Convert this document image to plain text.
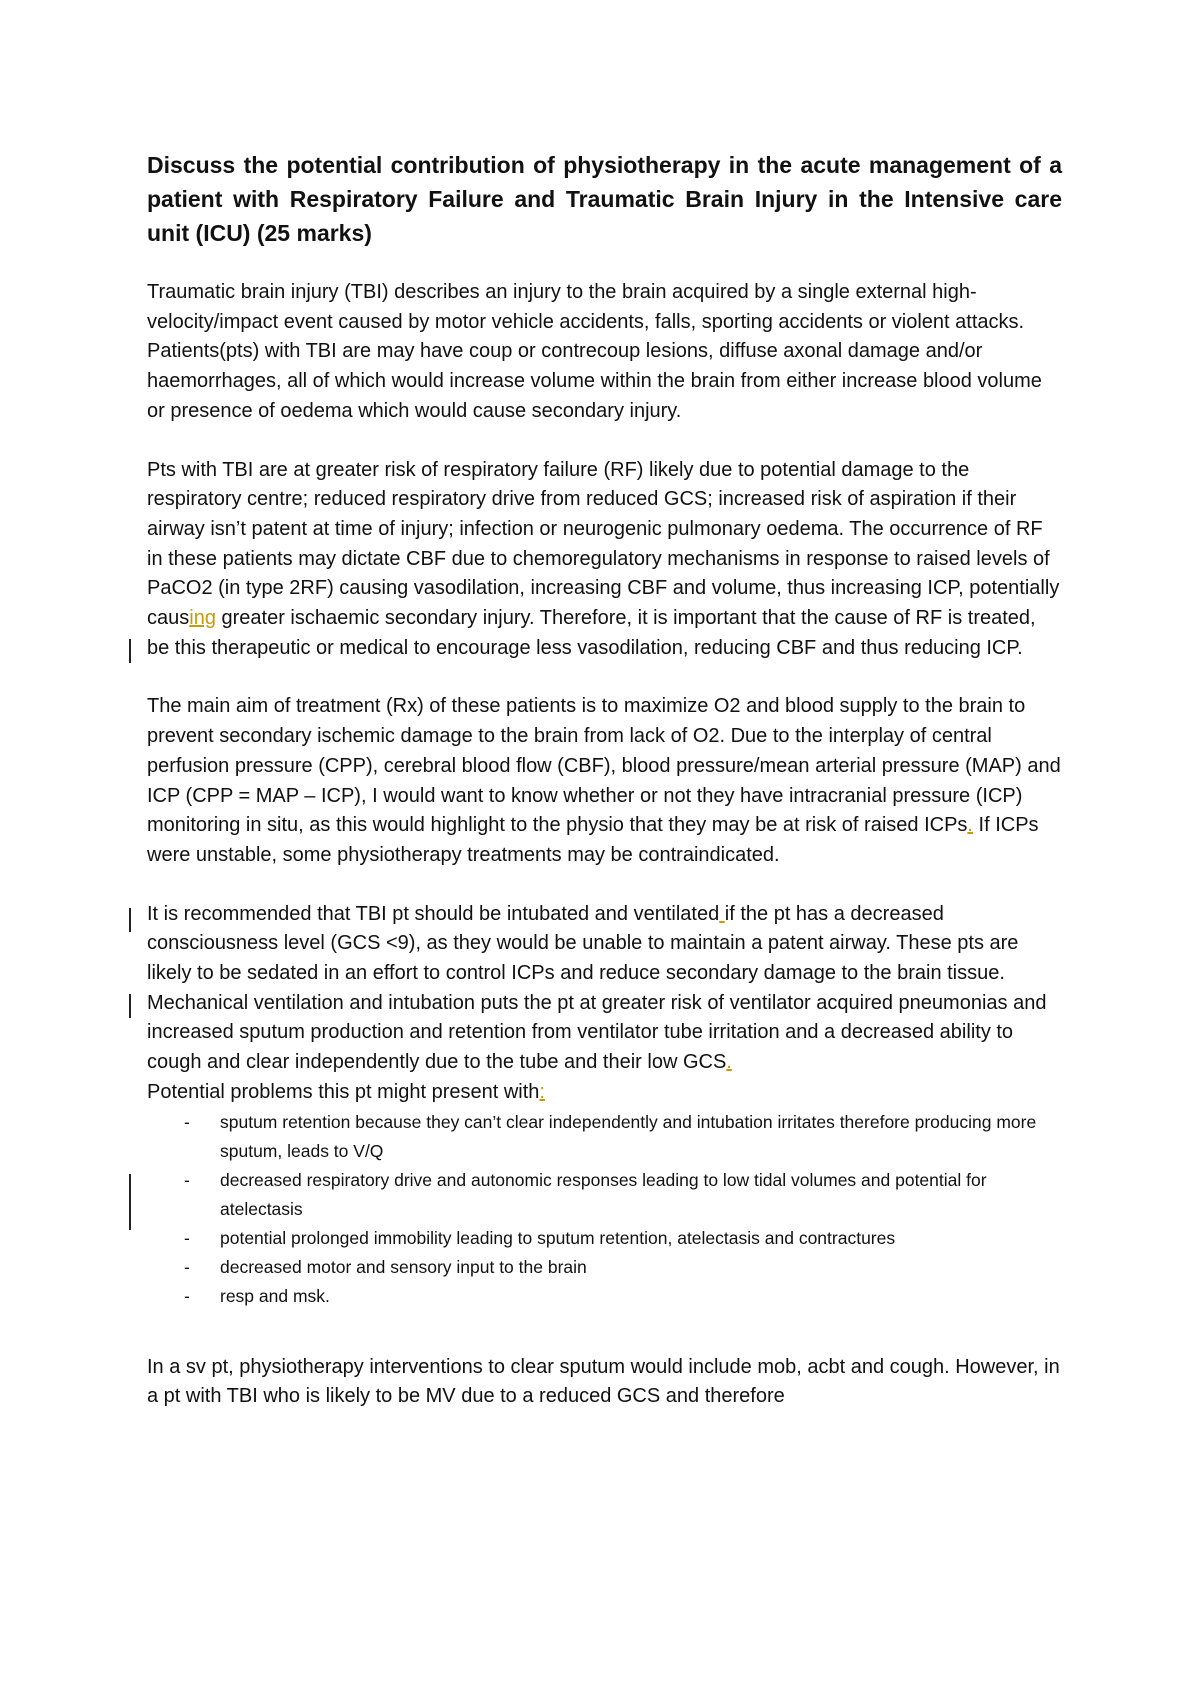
Discuss the potential contribution of physiotherapy in the acute management of a patient with Respiratory Failure and Traumatic Brain Injury in the Intensive care unit (ICU) (25 marks)

Traumatic brain injury (TBI) describes an injury to the brain acquired by a single external high-velocity/impact event caused by motor vehicle accidents, falls, sporting accidents or violent attacks. Patients(pts) with TBI are may have coup or contrecoup lesions, diffuse axonal damage and/or haemorrhages, all of which would increase volume within the brain from either increase blood volume or presence of oedema which would cause secondary injury.

Pts with TBI are at greater risk of respiratory failure (RF) likely due to potential damage to the respiratory centre; reduced respiratory drive from reduced GCS; increased risk of aspiration if their airway isn’t patent at time of injury; infection or neurogenic pulmonary oedema. The occurrence of RF in these patients may dictate CBF due to chemoregulatory mechanisms in response to raised levels of PaCO2 (in type 2RF) causing vasodilation, increasing CBF and volume, thus increasing ICP, potentially causing greater ischaemic secondary injury. Therefore, it is important that the cause of RF is treated, be this therapeutic or medical to encourage less vasodilation, reducing CBF and thus reducing ICP.

The main aim of treatment (Rx) of these patients is to maximize O2 and blood supply to the brain to prevent secondary ischemic damage to the brain from lack of O2. Due to the interplay of central perfusion pressure (CPP), cerebral blood flow (CBF), blood pressure/mean arterial pressure (MAP) and ICP (CPP = MAP – ICP), I would want to know whether or not they have intracranial pressure (ICP) monitoring in situ, as this would highlight to the physio that they may be at risk of raised ICPs. If ICPs were unstable, some physiotherapy treatments may be contraindicated.

It is recommended that TBI pt should be intubated and ventilated if the pt has a decreased consciousness level (GCS <9), as they would be unable to maintain a patent airway. These pts are likely to be sedated in an effort to control ICPs and reduce secondary damage to the brain tissue. Mechanical ventilation and intubation puts the pt at greater risk of ventilator acquired pneumonias and increased sputum production and retention from ventilator tube irritation and a decreased ability to cough and clear independently due to the tube and their low GCS.

Potential problems this pt might present with:

- sputum retention because they can’t clear independently and intubation irritates therefore producing more sputum, leads to V/Q
- decreased respiratory drive and autonomic responses leading to low tidal volumes and potential for atelectasis
- potential prolonged immobility leading to sputum retention, atelectasis and contractures
- decreased motor and sensory input to the brain
- resp and msk.

In a sv pt, physiotherapy interventions to clear sputum would include mob, acbt and cough. However, in a pt with TBI who is likely to be MV due to a reduced GCS and therefore
